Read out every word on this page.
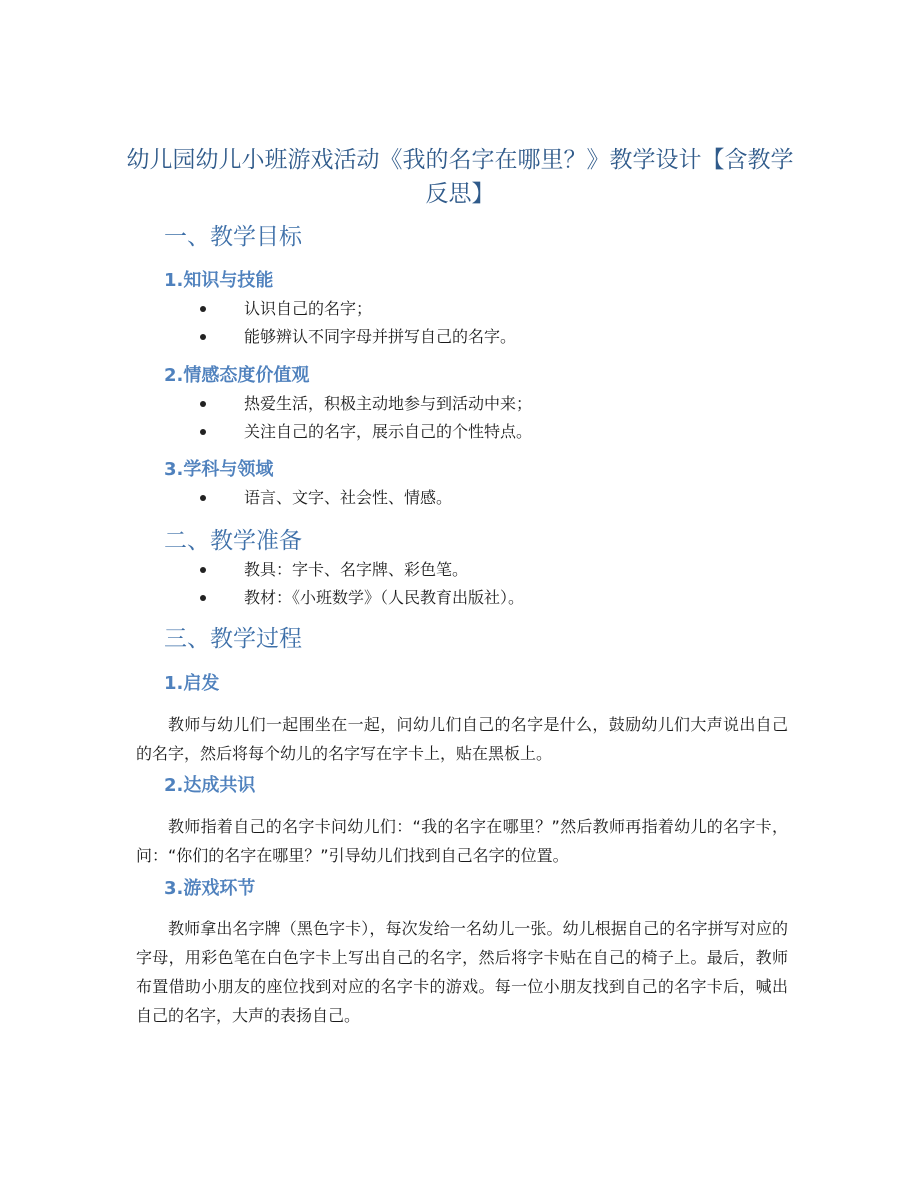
幼儿园幼儿小班游戏活动《我的名字在哪里？》教学设计【含教学反思】
一、教学目标
1.知识与技能
认识自己的名字；
能够辨认不同字母并拼写自己的名字。
2.情感态度价值观
热爱生活，积极主动地参与到活动中来；
关注自己的名字，展示自己的个性特点。
3.学科与领域
语言、文字、社会性、情感。
二、教学准备
教具：字卡、名字牌、彩色笔。
教材：《小班数学》（人民教育出版社）。
三、教学过程
1.启发

教师与幼儿们一起围坐在一起，问幼儿们自己的名字是什么，鼓励幼儿们大声说出自己的名字，然后将每个幼儿的名字写在字卡上，贴在黑板上。

2.达成共识

教师指着自己的名字卡问幼儿们：“我的名字在哪里？”然后教师再指着幼儿的名字卡，问：“你们的名字在哪里？”引导幼儿们找到自己名字的位置。

3.游戏环节

教师拿出名字牌（黑色字卡），每次发给一名幼儿一张。幼儿根据自己的名字拼写对应的字母，用彩色笔在白色字卡上写出自己的名字，然后将字卡贴在自己的椅子上。最后，教师布置借助小朋友的座位找到对应的名字卡的游戏。每一位小朋友找到自己的名字卡后，喊出自己的名字，大声的表扬自己。
